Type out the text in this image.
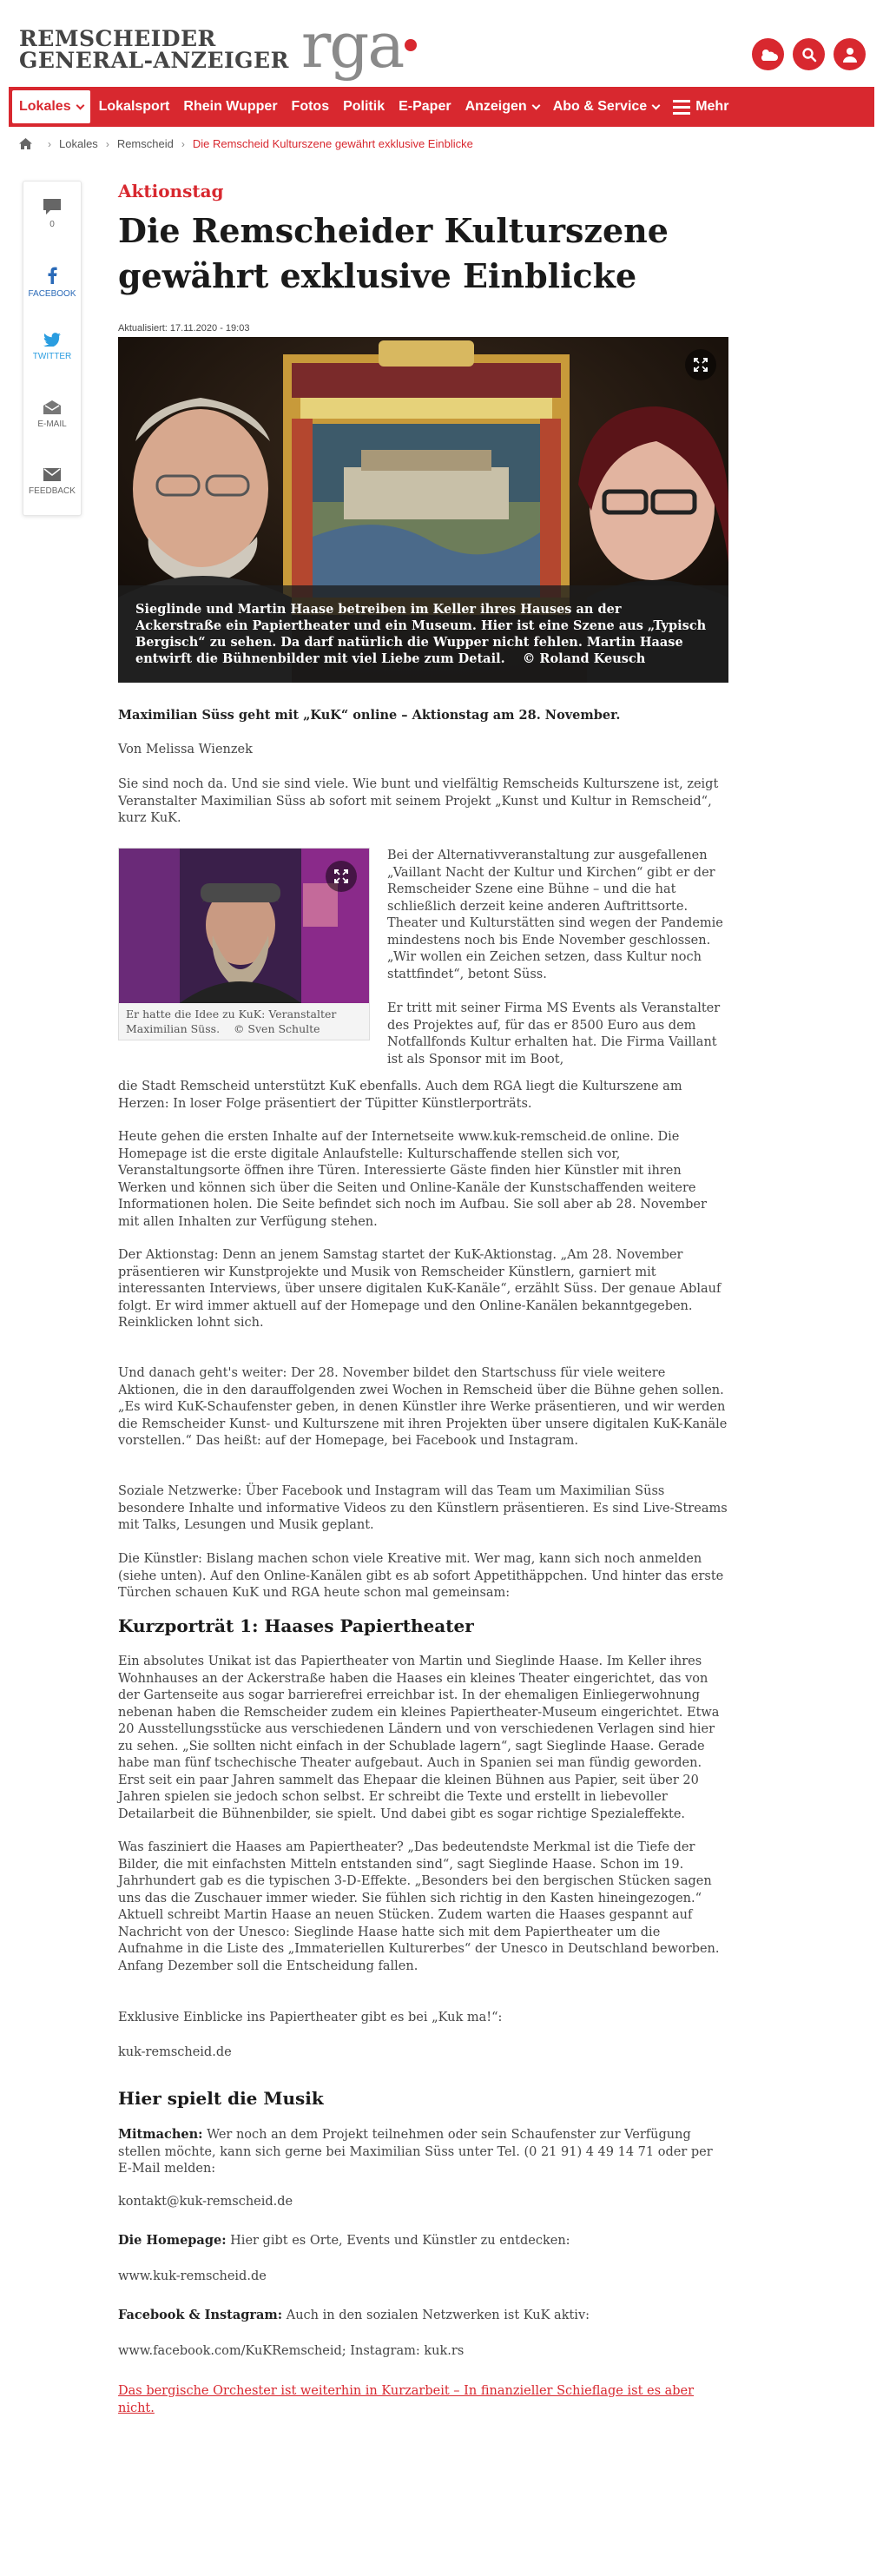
REMSCHEIDER
GENERAL-ANZEIGER rga
Lokales	Lokalsport	Rhein Wupper	Fotos	Politik	E-Paper	Anzeigen Abo & Service	Mehr
› Lokales › Remscheid › Die Remscheid Kulturszene gewährt exklusive Einblicke
0
FACEBOOK
TWITTER
E-MAIL
FEEDBACK
Aktionstag
Die Remscheider Kulturszene gewährt exklusive Einblicke
Aktualisiert: 17.11.2020 - 19:03
Sieglinde und Martin Haase betreiben im Keller ihres Hauses an der Ackerstraße ein Papiertheater und ein Museum. Hier ist eine Szene aus „Typisch Bergisch“ zu sehen. Da darf natürlich die Wupper nicht fehlen. Martin Haase entwirft die Bühnenbilder mit viel Liebe zum Detail. © Roland Keusch

Maximilian Süss geht mit „KuK“ online – Aktionstag am 28. November.

Von Melissa Wienzek

Sie sind noch da. Und sie sind viele. Wie bunt und vielfältig Remscheids Kulturszene ist, zeigt Veranstalter Maximilian Süss ab sofort mit seinem Projekt „Kunst und Kultur in Remscheid“, kurz KuK.

Er hatte die Idee zu KuK: Veranstalter Maximilian Süss. © Sven Schulte

Bei der Alternativveranstaltung zur ausgefallenen „Vaillant Nacht der Kultur und Kirchen“ gibt er der Remscheider Szene eine Bühne – und die hat schließlich derzeit keine anderen Auftrittsorte. Theater und Kulturstätten sind wegen der Pandemie mindestens noch bis Ende November geschlossen. „Wir wollen ein Zeichen setzen, dass Kultur noch stattfindet“, betont Süss.

Er tritt mit seiner Firma MS Events als Veranstalter des Projektes auf, für das er 8500 Euro aus dem Notfallfonds Kultur erhalten hat. Die Firma Vaillant ist als Sponsor mit im Boot,

die Stadt Remscheid unterstützt KuK ebenfalls. Auch dem RGA liegt die Kulturszene am Herzen: In loser Folge präsentiert der Tüpitter Künstlerporträts.

Heute gehen die ersten Inhalte auf der Internetseite www.kuk-remscheid.de online. Die Homepage ist die erste digitale Anlaufstelle: Kulturschaffende stellen sich vor, Veranstaltungsorte öffnen ihre Türen. Interessierte Gäste finden hier Künstler mit ihren Werken und können sich über die Seiten und Online-Kanäle der Kunstschaffenden weitere Informationen holen. Die Seite befindet sich noch im Aufbau. Sie soll aber ab 28. November mit allen Inhalten zur Verfügung stehen.

Der Aktionstag: Denn an jenem Samstag startet der KuK-Aktionstag. „Am 28. November präsentieren wir Kunstprojekte und Musik von Remscheider Künstlern, garniert mit interessanten Interviews, über unsere digitalen KuK-Kanäle“, erzählt Süss. Der genaue Ablauf folgt. Er wird immer aktuell auf der Homepage und den Online-Kanälen bekanntgegeben. Reinklicken lohnt sich.

Und danach geht's weiter: Der 28. November bildet den Startschuss für viele weitere Aktionen, die in den darauffolgenden zwei Wochen in Remscheid über die Bühne gehen sollen. „Es wird KuK-Schaufenster geben, in denen Künstler ihre Werke präsentieren, und wir werden die Remscheider Kunst- und Kulturszene mit ihren Projekten über unsere digitalen KuK-Kanäle vorstellen.“ Das heißt: auf der Homepage, bei Facebook und Instagram.

Soziale Netzwerke: Über Facebook und Instagram will das Team um Maximilian Süss besondere Inhalte und informative Videos zu den Künstlern präsentieren. Es sind Live-Streams mit Talks, Lesungen und Musik geplant.

Die Künstler: Bislang machen schon viele Kreative mit. Wer mag, kann sich noch anmelden (siehe unten). Auf den Online-Kanälen gibt es ab sofort Appetithäppchen. Und hinter das erste Türchen schauen KuK und RGA heute schon mal gemeinsam:

Kurzporträt 1: Haases Papiertheater

Ein absolutes Unikat ist das Papiertheater von Martin und Sieglinde Haase. Im Keller ihres Wohnhauses an der Ackerstraße haben die Haases ein kleines Theater eingerichtet, das von der Gartenseite aus sogar barrierefrei erreichbar ist. In der ehemaligen Einliegerwohnung nebenan haben die Remscheider zudem ein kleines Papiertheater-Museum eingerichtet. Etwa 20 Ausstellungsstücke aus verschiedenen Ländern und von verschiedenen Verlagen sind hier zu sehen. „Sie sollten nicht einfach in der Schublade lagern“, sagt Sieglinde Haase. Gerade habe man fünf tschechische Theater aufgebaut. Auch in Spanien sei man fündig geworden. Erst seit ein paar Jahren sammelt das Ehepaar die kleinen Bühnen aus Papier, seit über 20 Jahren spielen sie jedoch schon selbst. Er schreibt die Texte und erstellt in liebevoller Detailarbeit die Bühnenbilder, sie spielt. Und dabei gibt es sogar richtige Spezialeffekte.

Was fasziniert die Haases am Papiertheater? „Das bedeutendste Merkmal ist die Tiefe der Bilder, die mit einfachsten Mitteln entstanden sind“, sagt Sieglinde Haase. Schon im 19. Jahrhundert gab es die typischen 3-D-Effekte. „Besonders bei den bergischen Stücken sagen uns das die Zuschauer immer wieder. Sie fühlen sich richtig in den Kasten hineingezogen.“ Aktuell schreibt Martin Haase an neuen Stücken. Zudem warten die Haases gespannt auf Nachricht von der Unesco: Sieglinde Haase hatte sich mit dem Papiertheater um die Aufnahme in die Liste des „Immateriellen Kulturerbes“ der Unesco in Deutschland beworben. Anfang Dezember soll die Entscheidung fallen.

Exklusive Einblicke ins Papiertheater gibt es bei „Kuk ma!“:

kuk-remscheid.de

Hier spielt die Musik

Mitmachen: Wer noch an dem Projekt teilnehmen oder sein Schaufenster zur Verfügung stellen möchte, kann sich gerne bei Maximilian Süss unter Tel. (0 21 91) 4 49 14 71 oder per E-Mail melden:

kontakt@kuk-remscheid.de

Die Homepage: Hier gibt es Orte, Events und Künstler zu entdecken:

www.kuk-remscheid.de

Facebook & Instagram: Auch in den sozialen Netzwerken ist KuK aktiv:

www.facebook.com/KuKRemscheid; Instagram: kuk.rs

Das bergische Orchester ist weiterhin in Kurzarbeit – In finanzieller Schieflage ist es aber nicht.
